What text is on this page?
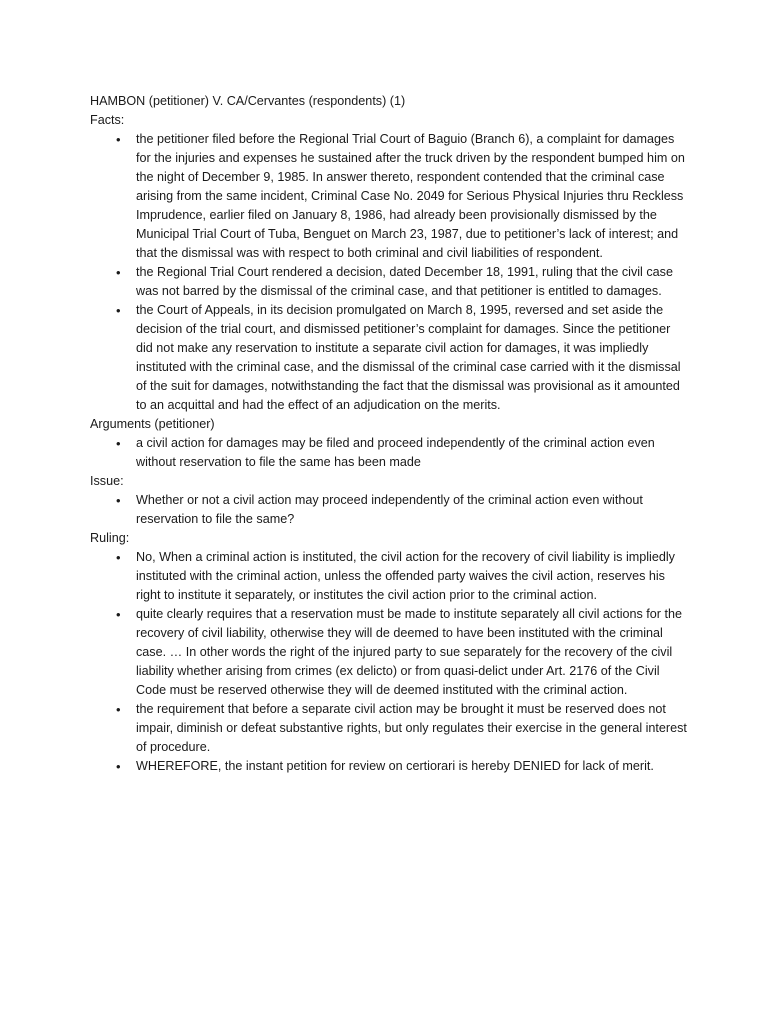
HAMBON (petitioner) V. CA/Cervantes (respondents) (1)

Facts:

• the petitioner filed before the Regional Trial Court of Baguio (Branch 6), a complaint for damages for the injuries and expenses he sustained after the truck driven by the respondent bumped him on the night of December 9, 1985. In answer thereto, respondent contended that the criminal case arising from the same incident, Criminal Case No. 2049 for Serious Physical Injuries thru Reckless Imprudence, earlier filed on January 8, 1986, had already been provisionally dismissed by the Municipal Trial Court of Tuba, Benguet on March 23, 1987, due to petitioner’s lack of interest; and that the dismissal was with respect to both criminal and civil liabilities of respondent.
• the Regional Trial Court rendered a decision, dated December 18, 1991, ruling that the civil case was not barred by the dismissal of the criminal case, and that petitioner is entitled to damages.
• the Court of Appeals, in its decision promulgated on March 8, 1995, reversed and set aside the decision of the trial court, and dismissed petitioner’s complaint for damages. Since the petitioner did not make any reservation to institute a separate civil action for damages, it was impliedly instituted with the criminal case, and the dismissal of the criminal case carried with it the dismissal of the suit for damages, notwithstanding the fact that the dismissal was provisional as it amounted to an acquittal and had the effect of an adjudication on the merits.

Arguments (petitioner)

• a civil action for damages may be filed and proceed independently of the criminal action even without reservation to file the same has been made

Issue:

• Whether or not a civil action may proceed independently of the criminal action even without reservation to file the same?

Ruling:

• No, When a criminal action is instituted, the civil action for the recovery of civil liability is impliedly instituted with the criminal action, unless the offended party waives the civil action, reserves his right to institute it separately, or institutes the civil action prior to the criminal action.
• quite clearly requires that a reservation must be made to institute separately all civil actions for the recovery of civil liability, otherwise they will de deemed to have been instituted with the criminal case. … In other words the right of the injured party to sue separately for the recovery of the civil liability whether arising from crimes (ex delicto) or from quasi-delict under Art. 2176 of the Civil Code must be reserved otherwise they will de deemed instituted with the criminal action.
• the requirement that before a separate civil action may be brought it must be reserved does not impair, diminish or defeat substantive rights, but only regulates their exercise in the general interest of procedure.
• WHEREFORE, the instant petition for review on certiorari is hereby DENIED for lack of merit.
